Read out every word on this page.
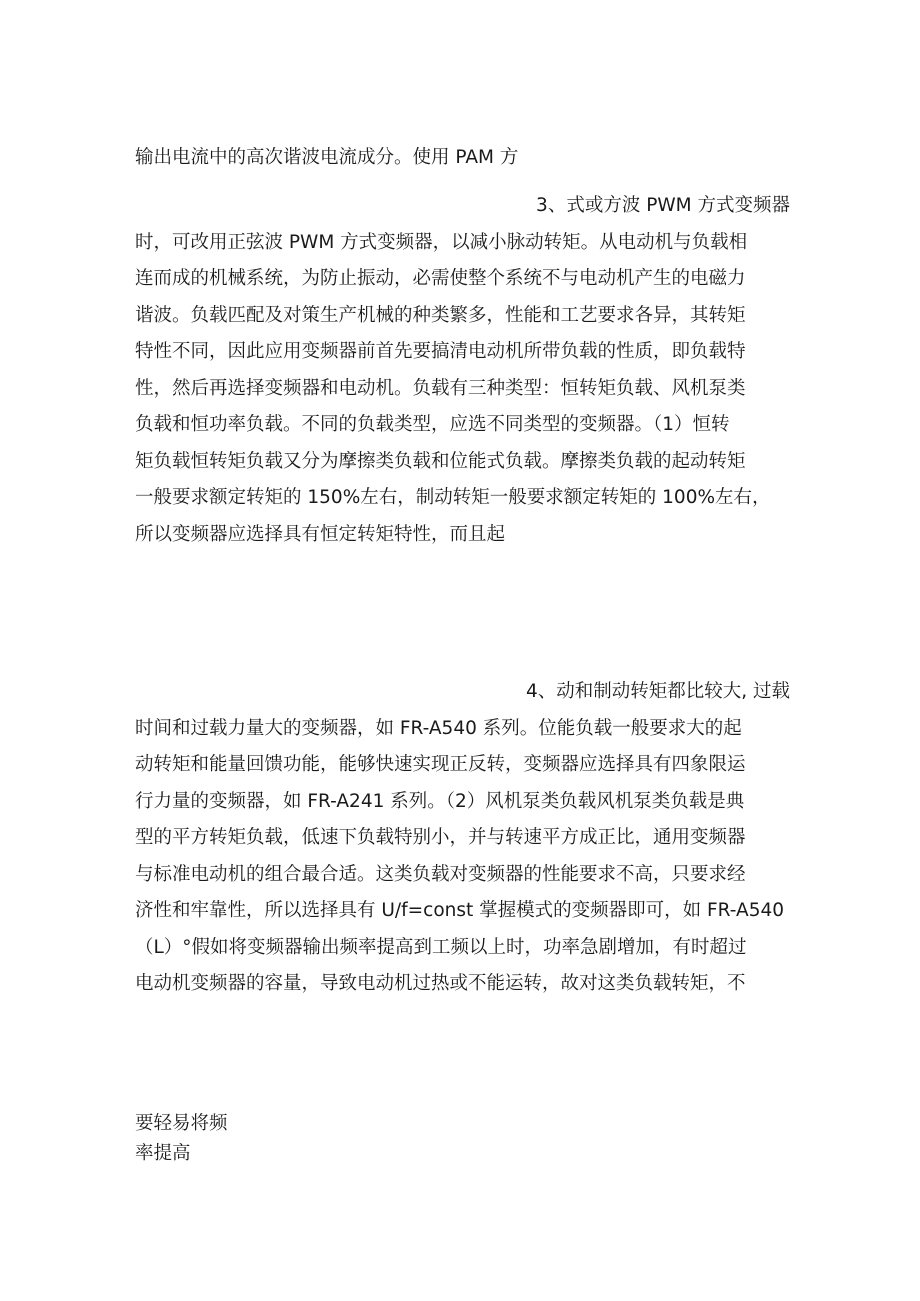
输出电流中的高次谐波电流成分。使用 PAM 方
3、式或方波 PWM 方式变频器
时，可改用正弦波 PWM 方式变频器，以减小脉动转矩。从电动机与负载相
连而成的机械系统，为防止振动，必需使整个系统不与电动机产生的电磁力
谐波。负载匹配及对策生产机械的种类繁多，性能和工艺要求各异，其转矩
特性不同，因此应用变频器前首先要搞清电动机所带负载的性质，即负载特
性，然后再选择变频器和电动机。负载有三种类型：恒转矩负载、风机泵类
负载和恒功率负载。不同的负载类型，应选不同类型的变频器。（1）恒转
矩负载恒转矩负载又分为摩擦类负载和位能式负载。摩擦类负载的起动转矩
一般要求额定转矩的 150%左右，制动转矩一般要求额定转矩的 100%左右，
所以变频器应选择具有恒定转矩特性，而且起
4、动和制动转矩都比较大, 过载
时间和过载力量大的变频器，如 FR-A540 系列。位能负载一般要求大的起
动转矩和能量回馈功能，能够快速实现正反转，变频器应选择具有四象限运
行力量的变频器，如 FR-A241 系列。（2）风机泵类负载风机泵类负载是典
型的平方转矩负载，低速下负载特别小，并与转速平方成正比，通用变频器
与标准电动机的组合最合适。这类负载对变频器的性能要求不高，只要求经
济性和牢靠性，所以选择具有 U/f=const 掌握模式的变频器即可，如 FR-A540
（L）°假如将变频器输出频率提高到工频以上时，功率急剧增加，有时超过
电动机变频器的容量，导致电动机过热或不能运转，故对这类负载转矩，不
要轻易将频
率提高
